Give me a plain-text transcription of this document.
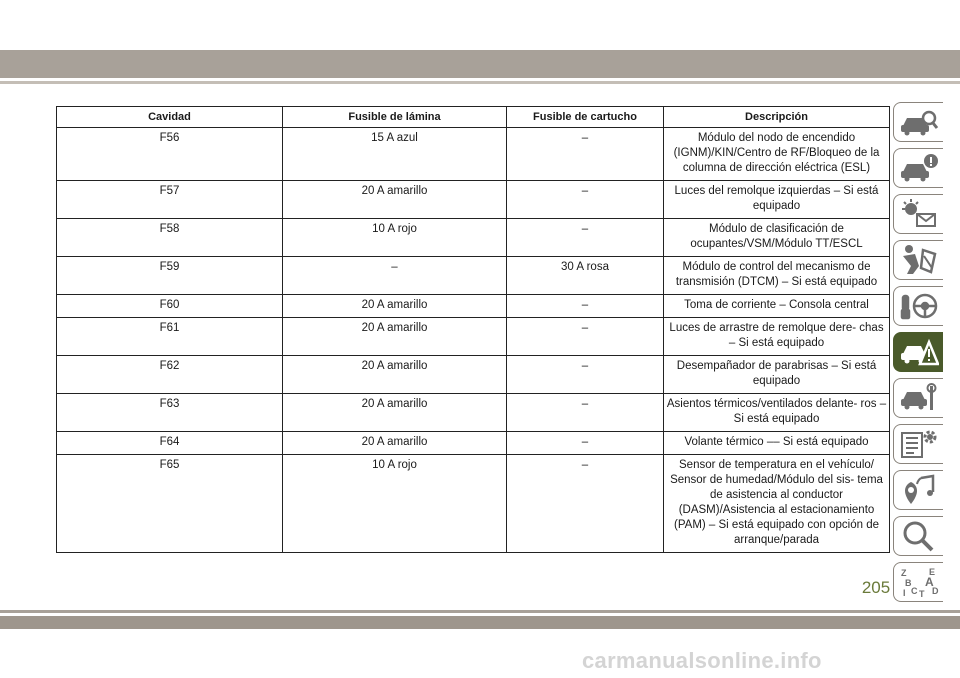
Cavidad	Fusible de lámina	Fusible de cartucho	Descripción
F56	15 A azul	–	Módulo del nodo de encendido (IGNM)/KIN/Centro de RF/Bloqueo de la columna de dirección eléctrica (ESL)
F57	20 A amarillo	–	Luces del remolque izquierdas – Si está equipado
F58	10 A rojo	–	Módulo de clasificación de ocupantes/VSM/Módulo TT/ESCL
F59	–	30 A rosa	Módulo de control del mecanismo de transmisión (DTCM) – Si está equipado
F60	20 A amarillo	–	Toma de corriente – Consola central
F61	20 A amarillo	–	Luces de arrastre de remolque dere- chas – Si está equipado
F62	20 A amarillo	–	Desempañador de parabrisas – Si está equipado
F63	20 A amarillo	–	Asientos térmicos/ventilados delante- ros – Si está equipado
F64	20 A amarillo	–	Volante térmico –– Si está equipado
F65	10 A rojo	–	Sensor de temperatura en el vehículo/ Sensor de humedad/Módulo del sis- tema de asistencia al conductor (DASM)/Asistencia al estacionamiento (PAM) – Si está equipado con opción de arranque/parada
Z	E
B A
I C D
T
205
carmanualsonline.info
